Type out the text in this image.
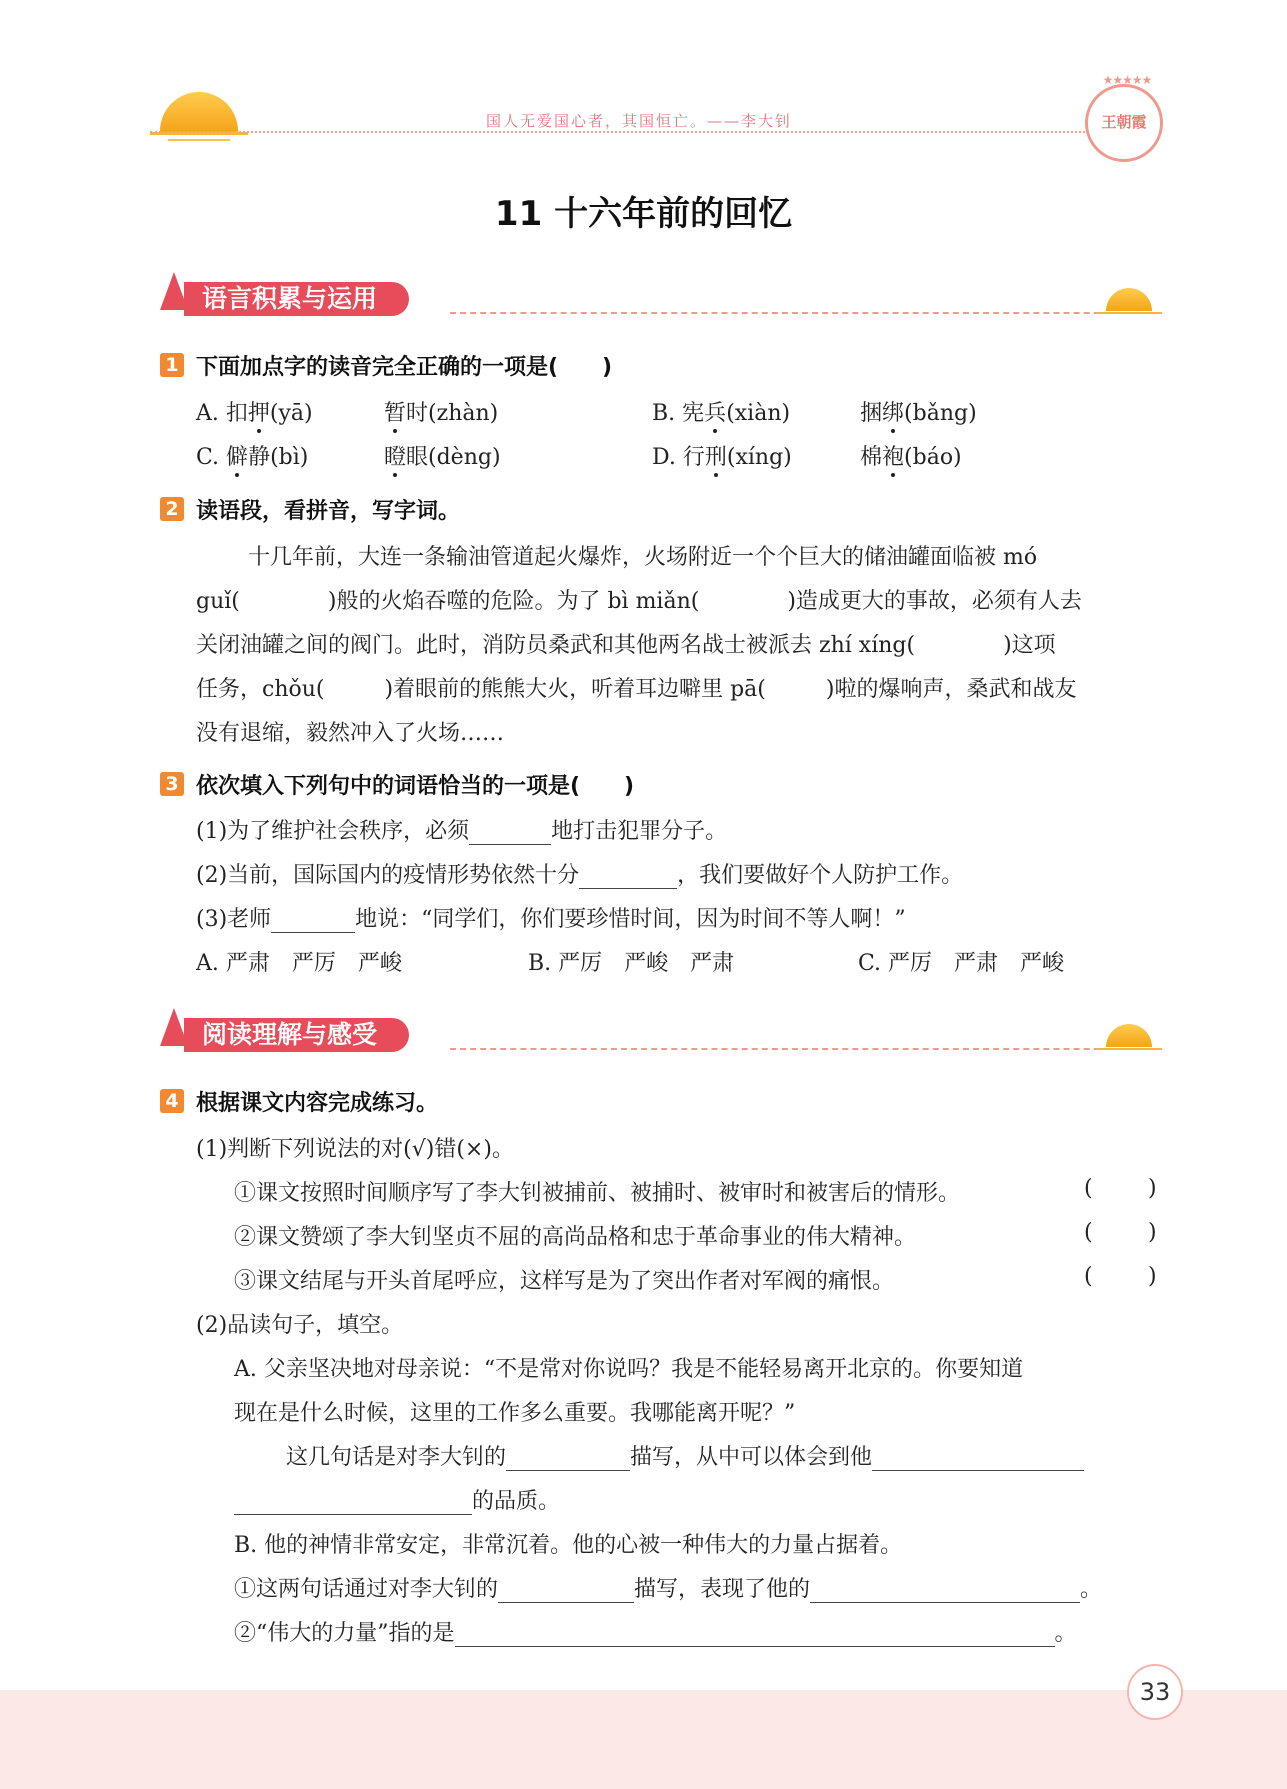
国人无爱国心者，其国恒亡。——李大钊
★★★★★
王朝霞
11 十六年前的回忆
语言积累与运用
1 下面加点字的读音完全正确的一项是(　　)
A. 扣押(yā)	暂时(zhàn)	B. 宪兵(xiàn)	捆绑(bǎng)
C. 僻静(bì)	瞪眼(dèng)	D. 行刑(xíng)	棉袍(báo)
2 读语段，看拼音，写字词。
十几年前，大连一条输油管道起火爆炸，火场附近一个个巨大的储油罐面临被 mó
guǐ(	)般的火焰吞噬的危险。为了 bì miǎn(	)造成更大的事故，必须有人去
关闭油罐之间的阀门。此时，消防员桑武和其他两名战士被派去 zhí xíng(	)这项
任务，chǒu(	)着眼前的熊熊大火，听着耳边噼里 pā(	)啦的爆响声，桑武和战友
没有退缩，毅然冲入了火场……
3 依次填入下列句中的词语恰当的一项是(　　)
(1)为了维护社会秩序，必须	地打击犯罪分子。
(2)当前，国际国内的疫情形势依然十分	，我们要做好个人防护工作。
(3)老师	地说：“同学们，你们要珍惜时间，因为时间不等人啊！”
A. 严肃　严厉　严峻	B. 严厉　严峻　严肃	C. 严厉　严肃　严峻
阅读理解与感受
4 根据课文内容完成练习。
(1)判断下列说法的对(√)错(×)。
①课文按照时间顺序写了李大钊被捕前、被捕时、被审时和被害后的情形。	(	)
②课文赞颂了李大钊坚贞不屈的高尚品格和忠于革命事业的伟大精神。	(	)
③课文结尾与开头首尾呼应，这样写是为了突出作者对军阀的痛恨。	(	)
(2)品读句子，填空。
A. 父亲坚决地对母亲说：“不是常对你说吗？我是不能轻易离开北京的。你要知道
现在是什么时候，这里的工作多么重要。我哪能离开呢？”
这几句话是对李大钊的	描写，从中可以体会到他
的品质。
B. 他的神情非常安定，非常沉着。他的心被一种伟大的力量占据着。
①这两句话通过对李大钊的	描写，表现了他的	。
②“伟大的力量”指的是	。
33
